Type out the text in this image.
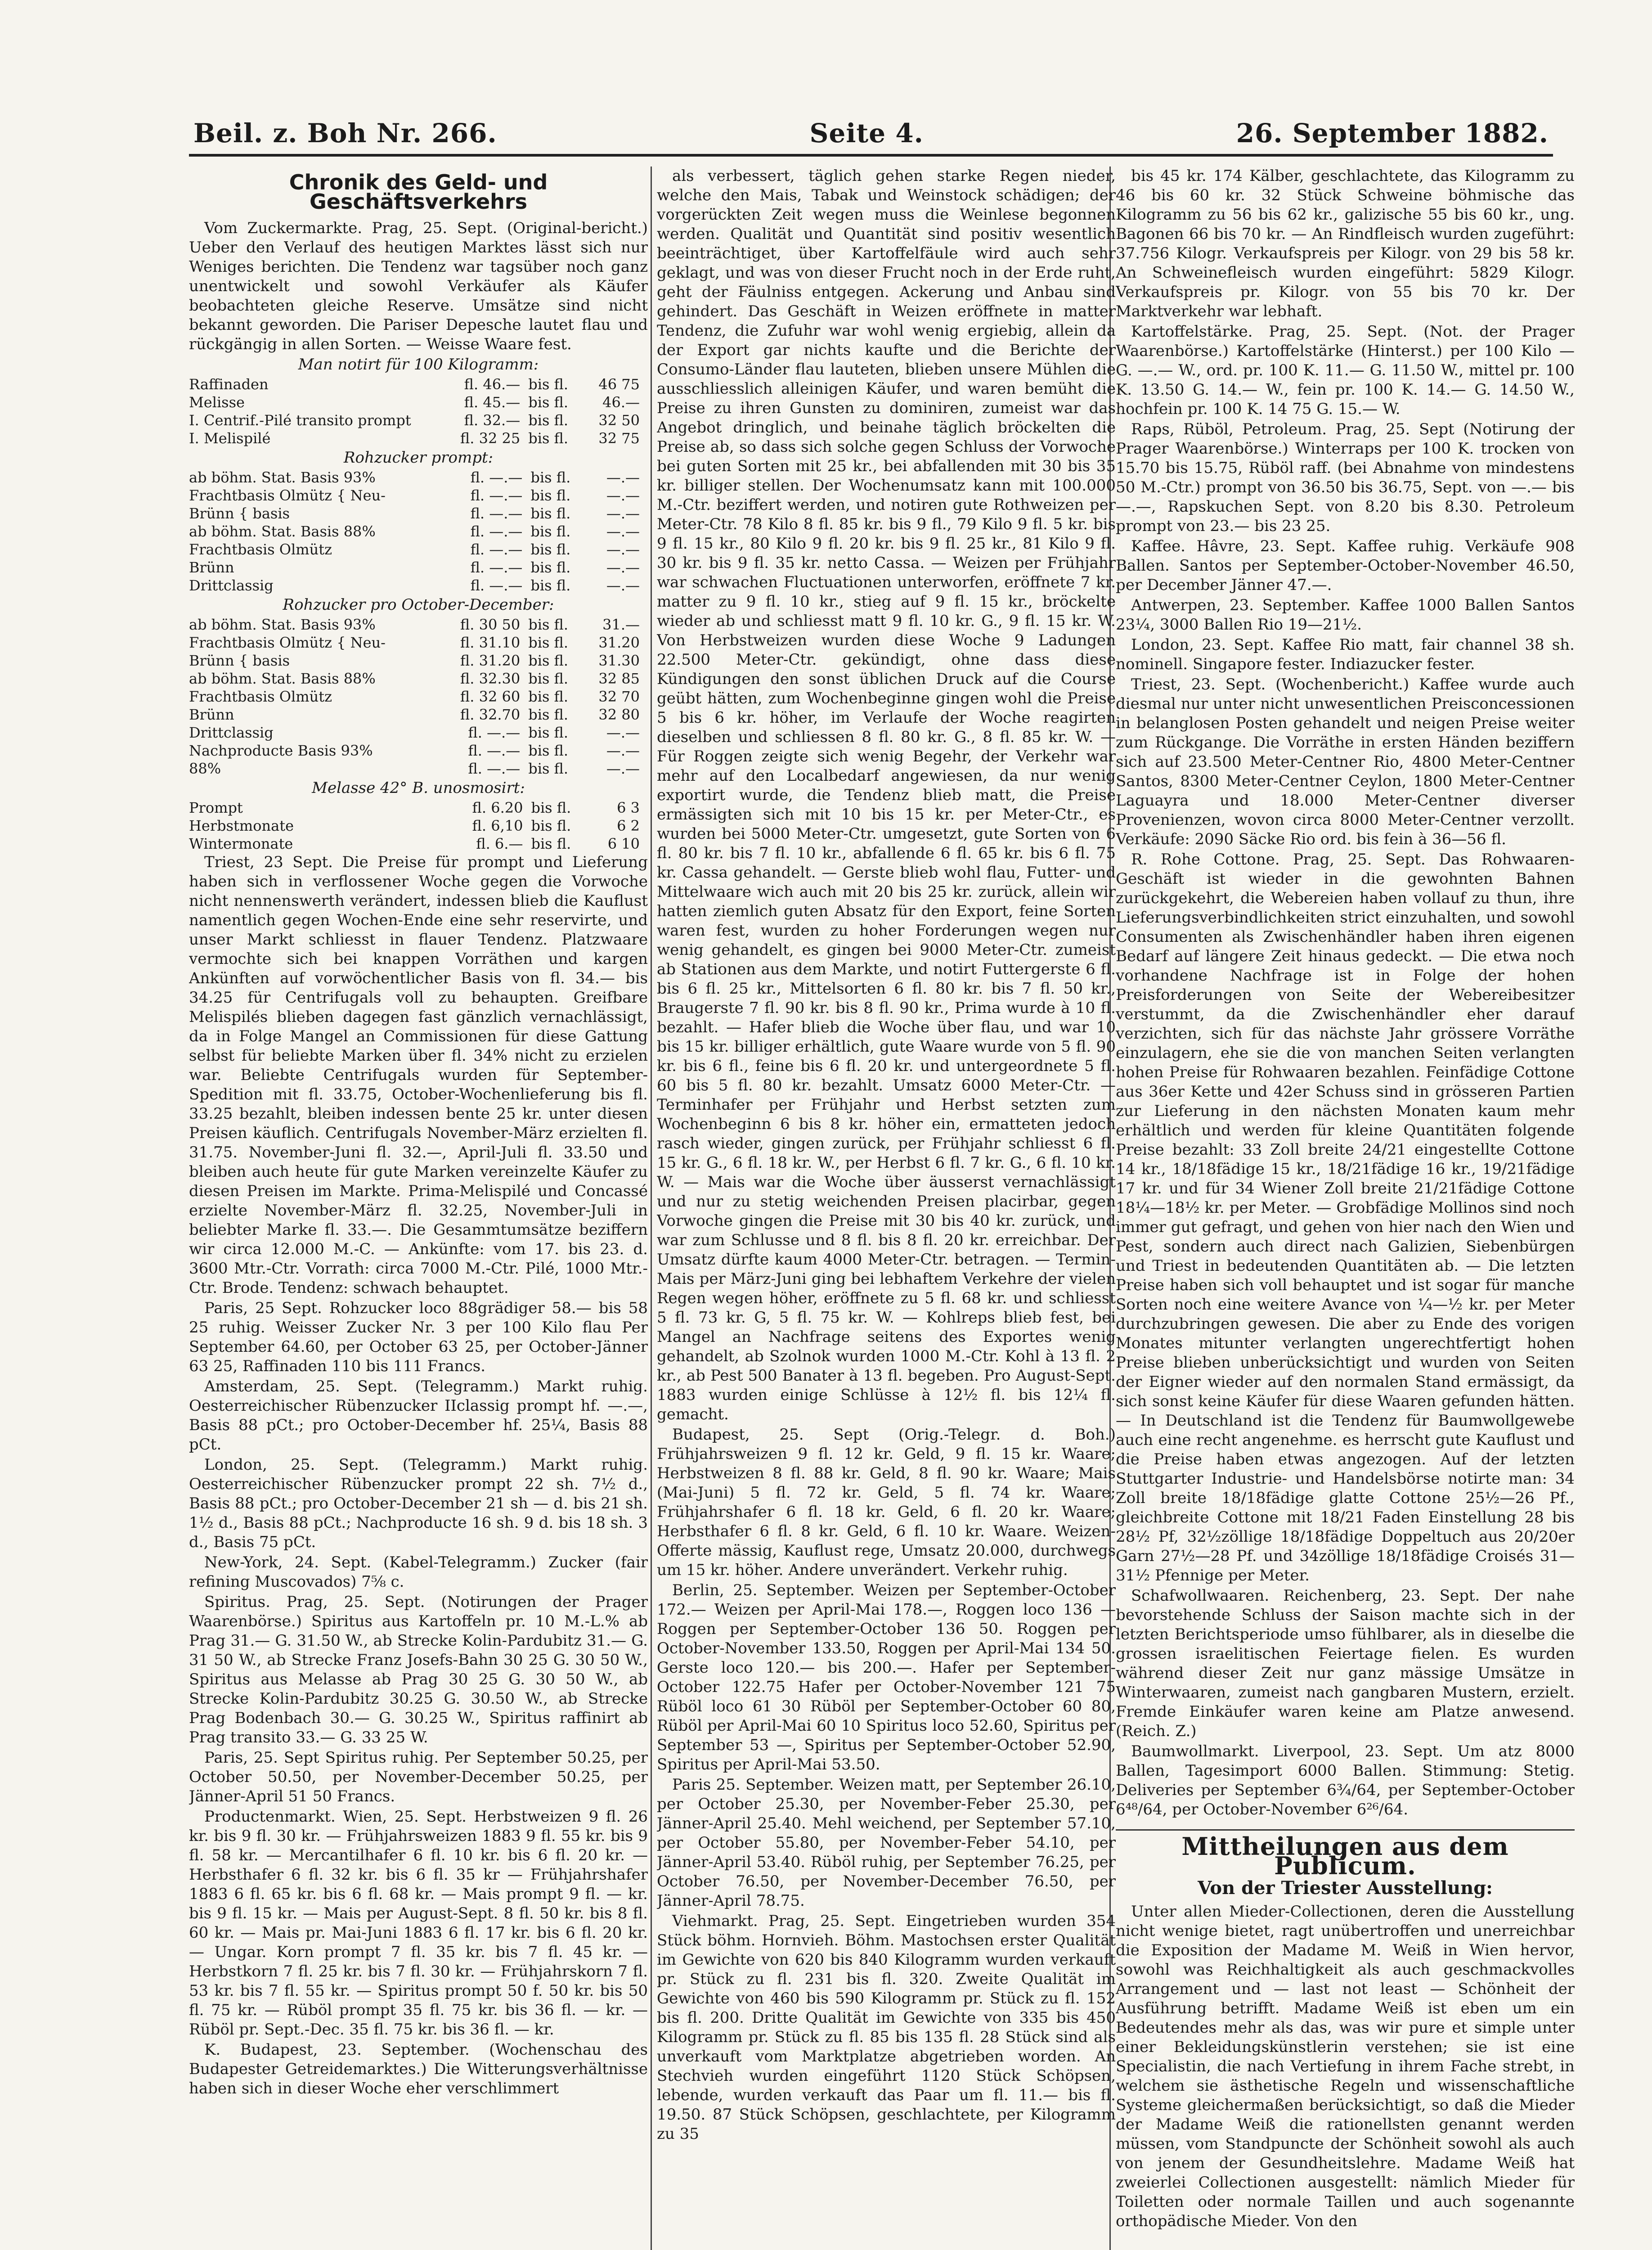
Beil. z. Boh Nr. 266.	Seite 4.	26. September 1882.
Chronik des Geld- und Geschäftsverkehrs

Vom Zuckermarkte. Prag, 25. Sept. (Original-bericht.) Ueber den Verlauf des heutigen Marktes lässt sich nur Weniges berichten. Die Tendenz war tagsüber noch ganz unentwickelt und sowohl Verkäufer als Käufer beobachteten gleiche Reserve. Umsätze sind nicht bekannt geworden. Die Pariser Depesche lautet flau und rückgängig in allen Sorten. — Weisse Waare fest.

Man notirt für 100 Kilogramm:
Raffinaden	fl. 46.—	bis fl.	46 75
Melisse	fl. 45.—	bis fl.	46.—
I. Centrif.-Pilé transito prompt	fl. 32.—	bis fl.	32 50
I. Melispilé	fl. 32 25	bis fl.	32 75
Rohzucker prompt:
ab böhm. Stat. Basis 93%	fl. —.—	bis fl.	—.—
Frachtbasis Olmütz { Neu-	fl. —.—	bis fl.	—.—
Brünn { basis	fl. —.—	bis fl.	—.—
ab böhm. Stat. Basis 88%	fl. —.—	bis fl.	—.—
Frachtbasis Olmütz	fl. —.—	bis fl.	—.—
Brünn	fl. —.—	bis fl.	—.—
Drittclassig	fl. —.—	bis fl.	—.—
Rohzucker pro October-December:
ab böhm. Stat. Basis 93%	fl. 30 50	bis fl.	31.—
Frachtbasis Olmütz { Neu-	fl. 31.10	bis fl.	31.20
Brünn { basis	fl. 31.20	bis fl.	31.30
ab böhm. Stat. Basis 88%	fl. 32.30	bis fl.	32 85
Frachtbasis Olmütz	fl. 32 60	bis fl.	32 70
Brünn	fl. 32.70	bis fl.	32 80
Drittclassig	fl. —.—	bis fl.	—.—
Nachproducte Basis 93%	fl. —.—	bis fl.	—.—
88%	fl. —.—	bis fl.	—.—
Melasse 42° B. unosmosirt:
Prompt	fl. 6.20	bis fl.	6 3
Herbstmonate	fl. 6,10	bis fl.	6 2
Wintermonate	fl. 6.—	bis fl.	6 10

Triest, 23 Sept. Die Preise für prompt und Lieferung haben sich in verflossener Woche gegen die Vorwoche nicht nennenswerth verändert, indessen blieb die Kauflust namentlich gegen Wochen-Ende eine sehr reservirte, und unser Markt schliesst in flauer Tendenz. Platzwaare vermochte sich bei knappen Vorräthen und kargen Ankünften auf vorwöchentlicher Basis von fl. 34.— bis 34.25 für Centrifugals voll zu behaupten. Greifbare Melispilés blieben dagegen fast gänzlich vernachlässigt, da in Folge Mangel an Commissionen für diese Gattung selbst für beliebte Marken über fl. 34% nicht zu erzielen war. Beliebte Centrifugals wurden für September-Spedition mit fl. 33.75, October-Wochenlieferung bis fl. 33.25 bezahlt, bleiben indessen bente 25 kr. unter diesen Preisen käuflich. Centrifugals November-März erzielten fl. 31.75. November-Juni fl. 32.—, April-Juli fl. 33.50 und bleiben auch heute für gute Marken vereinzelte Käufer zu diesen Preisen im Markte. Prima-Melispilé und Concassé erzielte November-März fl. 32.25, November-Juli in beliebter Marke fl. 33.—. Die Gesammtumsätze beziffern wir circa 12.000 M.-C. — Ankünfte: vom 17. bis 23. d. 3600 Mtr.-Ctr. Vorrath: circa 7000 M.-Ctr. Pilé, 1000 Mtr.-Ctr. Brode. Tendenz: schwach behauptet.

Paris, 25 Sept. Rohzucker loco 88grädiger 58.— bis 58 25 ruhig. Weisser Zucker Nr. 3 per 100 Kilo flau Per September 64.60, per October 63 25, per October-Jänner 63 25, Raffinaden 110 bis 111 Francs.

Amsterdam, 25. Sept. (Telegramm.) Markt ruhig. Oesterreichischer Rübenzucker IIclassig prompt hf. —.—, Basis 88 pCt.; pro October-December hf. 25¼, Basis 88 pCt.

London, 25. Sept. (Telegramm.) Markt ruhig. Oesterreichischer Rübenzucker prompt 22 sh. 7½ d., Basis 88 pCt.; pro October-December 21 sh — d. bis 21 sh. 1½ d., Basis 88 pCt.; Nachproducte 16 sh. 9 d. bis 18 sh. 3 d., Basis 75 pCt.

New-York, 24. Sept. (Kabel-Telegramm.) Zucker (fair refining Muscovados) 7⅝ c.

Spiritus. Prag, 25. Sept. (Notirungen der Prager Waarenbörse.) Spiritus aus Kartoffeln pr. 10 M.-L.% ab Prag 31.— G. 31.50 W., ab Strecke Kolin-Pardubitz 31.— G. 31 50 W., ab Strecke Franz Josefs-Bahn 30 25 G. 30 50 W., Spiritus aus Melasse ab Prag 30 25 G. 30 50 W., ab Strecke Kolin-Pardubitz 30.25 G. 30.50 W., ab Strecke Prag Bodenbach 30.— G. 30.25 W., Spiritus raffinirt ab Prag transito 33.— G. 33 25 W.

Paris, 25. Sept Spiritus ruhig. Per September 50.25, per October 50.50, per November-December 50.25, per Jänner-April 51 50 Francs.

Productenmarkt. Wien, 25. Sept. Herbstweizen 9 fl. 26 kr. bis 9 fl. 30 kr. — Frühjahrsweizen 1883 9 fl. 55 kr. bis 9 fl. 58 kr. — Mercantilhafer 6 fl. 10 kr. bis 6 fl. 20 kr. — Herbsthafer 6 fl. 32 kr. bis 6 fl. 35 kr — Frühjahrshafer 1883 6 fl. 65 kr. bis 6 fl. 68 kr. — Mais prompt 9 fl. — kr. bis 9 fl. 15 kr. — Mais per August-Sept. 8 fl. 50 kr. bis 8 fl. 60 kr. — Mais pr. Mai-Juni 1883 6 fl. 17 kr. bis 6 fl. 20 kr. — Ungar. Korn prompt 7 fl. 35 kr. bis 7 fl. 45 kr. — Herbstkorn 7 fl. 25 kr. bis 7 fl. 30 kr. — Frühjahrskorn 7 fl. 53 kr. bis 7 fl. 55 kr. — Spiritus prompt 50 f. 50 kr. bis 50 fl. 75 kr. — Rüböl prompt 35 fl. 75 kr. bis 36 fl. — kr. — Rüböl pr. Sept.-Dec. 35 fl. 75 kr. bis 36 fl. — kr.

K. Budapest, 23. September. (Wochenschau des Budapester Getreidemarktes.) Die Witterungsverhältnisse haben sich in dieser Woche eher verschlimmert

als verbessert, täglich gehen starke Regen nieder, welche den Mais, Tabak und Weinstock schädigen; der vorgerückten Zeit wegen muss die Weinlese begonnen werden. Qualität und Quantität sind positiv wesentlich beeinträchtiget, über Kartoffelfäule wird auch sehr geklagt, und was von dieser Frucht noch in der Erde ruht, geht der Fäulniss entgegen. Ackerung und Anbau sind gehindert. Das Geschäft in Weizen eröffnete in matter Tendenz, die Zufuhr war wohl wenig ergiebig, allein da der Export gar nichts kaufte und die Berichte der Consumo-Länder flau lauteten, blieben unsere Mühlen die ausschliesslich alleinigen Käufer, und waren bemüht die Preise zu ihren Gunsten zu dominiren, zumeist war das Angebot dringlich, und beinahe täglich bröckelten die Preise ab, so dass sich solche gegen Schluss der Vorwoche bei guten Sorten mit 25 kr., bei abfallenden mit 30 bis 35 kr. billiger stellen. Der Wochenumsatz kann mit 100.000 M.-Ctr. beziffert werden, und notiren gute Rothweizen per Meter-Ctr. 78 Kilo 8 fl. 85 kr. bis 9 fl., 79 Kilo 9 fl. 5 kr. bis 9 fl. 15 kr., 80 Kilo 9 fl. 20 kr. bis 9 fl. 25 kr., 81 Kilo 9 fl. 30 kr. bis 9 fl. 35 kr. netto Cassa. — Weizen per Frühjahr war schwachen Fluctuationen unterworfen, eröffnete 7 kr. matter zu 9 fl. 10 kr., stieg auf 9 fl. 15 kr., bröckelte wieder ab und schliesst matt 9 fl. 10 kr. G., 9 fl. 15 kr. W. Von Herbstweizen wurden diese Woche 9 Ladungen 22.500 Meter-Ctr. gekündigt, ohne dass diese Kündigungen den sonst üblichen Druck auf die Course geübt hätten, zum Wochenbeginne gingen wohl die Preise 5 bis 6 kr. höher, im Verlaufe der Woche reagirten dieselben und schliessen 8 fl. 80 kr. G., 8 fl. 85 kr. W. — Für Roggen zeigte sich wenig Begehr, der Verkehr war mehr auf den Localbedarf angewiesen, da nur wenig exportirt wurde, die Tendenz blieb matt, die Preise ermässigten sich mit 10 bis 15 kr. per Meter-Ctr., es wurden bei 5000 Meter-Ctr. umgesetzt, gute Sorten von 6 fl. 80 kr. bis 7 fl. 10 kr., abfallende 6 fl. 65 kr. bis 6 fl. 75 kr. Cassa gehandelt. — Gerste blieb wohl flau, Futter- und Mittelwaare wich auch mit 20 bis 25 kr. zurück, allein wir hatten ziemlich guten Absatz für den Export, feine Sorten waren fest, wurden zu hoher Forderungen wegen nur wenig gehandelt, es gingen bei 9000 Meter-Ctr. zumeist ab Stationen aus dem Markte, und notirt Futtergerste 6 fl. bis 6 fl. 25 kr., Mittelsorten 6 fl. 80 kr. bis 7 fl. 50 kr., Braugerste 7 fl. 90 kr. bis 8 fl. 90 kr., Prima wurde à 10 fl. bezahlt. — Hafer blieb die Woche über flau, und war 10 bis 15 kr. billiger erhältlich, gute Waare wurde von 5 fl. 90 kr. bis 6 fl., feine bis 6 fl. 20 kr. und untergeordnete 5 fl. 60 bis 5 fl. 80 kr. bezahlt. Umsatz 6000 Meter-Ctr. — Terminhafer per Frühjahr und Herbst setzten zum Wochenbeginn 6 bis 8 kr. höher ein, ermatteten jedoch rasch wieder, gingen zurück, per Frühjahr schliesst 6 fl. 15 kr. G., 6 fl. 18 kr. W., per Herbst 6 fl. 7 kr. G., 6 fl. 10 kr. W. — Mais war die Woche über äusserst vernachlässigt und nur zu stetig weichenden Preisen placirbar, gegen Vorwoche gingen die Preise mit 30 bis 40 kr. zurück, und war zum Schlusse und 8 fl. bis 8 fl. 20 kr. erreichbar. Der Umsatz dürfte kaum 4000 Meter-Ctr. betragen. — Termin-Mais per März-Juni ging bei lebhaftem Verkehre der vielen Regen wegen höher, eröffnete zu 5 fl. 68 kr. und schliesst 5 fl. 73 kr. G, 5 fl. 75 kr. W. — Kohlreps blieb fest, bei Mangel an Nachfrage seitens des Exportes wenig gehandelt, ab Szolnok wurden 1000 M.-Ctr. Kohl à 13 fl. 2 kr., ab Pest 500 Banater à 13 fl. begeben. Pro August-Sept. 1883 wurden einige Schlüsse à 12½ fl. bis 12¼ fl. gemacht.

Budapest, 25. Sept (Orig.-Telegr. d. Boh.) Frühjahrsweizen 9 fl. 12 kr. Geld, 9 fl. 15 kr. Waare; Herbstweizen 8 fl. 88 kr. Geld, 8 fl. 90 kr. Waare; Mais (Mai-Juni) 5 fl. 72 kr. Geld, 5 fl. 74 kr. Waare; Frühjahrshafer 6 fl. 18 kr. Geld, 6 fl. 20 kr. Waare; Herbsthafer 6 fl. 8 kr. Geld, 6 fl. 10 kr. Waare. Weizen-Offerte mässig, Kauflust rege, Umsatz 20.000, durchwegs um 15 kr. höher. Andere unverändert. Verkehr ruhig.

Berlin, 25. September. Weizen per September-October 172.— Weizen per April-Mai 178.—, Roggen loco 136 — Roggen per September-October 136 50. Roggen per October-November 133.50, Roggen per April-Mai 134 50. Gerste loco 120.— bis 200.—. Hafer per September-October 122.75 Hafer per October-November 121 75 Rüböl loco 61 30 Rüböl per September-October 60 80, Rüböl per April-Mai 60 10 Spiritus loco 52.60, Spiritus per September 53 —, Spiritus per September-October 52.90, Spiritus per April-Mai 53.50.

Paris 25. September. Weizen matt, per September 26.10, per October 25.30, per November-Feber 25.30, per Jänner-April 25.40. Mehl weichend, per September 57.10, per October 55.80, per November-Feber 54.10, per Jänner-April 53.40. Rüböl ruhig, per September 76.25, per October 76.50, per November-December 76.50, per Jänner-April 78.75.

Viehmarkt. Prag, 25. Sept. Eingetrieben wurden 354 Stück böhm. Hornvieh. Böhm. Mastochsen erster Qualität im Gewichte von 620 bis 840 Kilogramm wurden verkauft pr. Stück zu fl. 231 bis fl. 320. Zweite Qualität im Gewichte von 460 bis 590 Kilogramm pr. Stück zu fl. 152 bis fl. 200. Dritte Qualität im Gewichte von 335 bis 450 Kilogramm pr. Stück zu fl. 85 bis 135 fl. 28 Stück sind als unverkauft vom Marktplatze abgetrieben worden. An Stechvieh wurden eingeführt 1120 Stück Schöpsen, lebende, wurden verkauft das Paar um fl. 11.— bis fl. 19.50. 87 Stück Schöpsen, geschlachtete, per Kilogramm zu 35

bis 45 kr. 174 Kälber, geschlachtete, das Kilogramm zu 46 bis 60 kr. 32 Stück Schweine böhmische das Kilogramm zu 56 bis 62 kr., galizische 55 bis 60 kr., ung. Bagonen 66 bis 70 kr. — An Rindfleisch wurden zugeführt: 37.756 Kilogr. Verkaufspreis per Kilogr. von 29 bis 58 kr. An Schweinefleisch wurden eingeführt: 5829 Kilogr. Verkaufspreis pr. Kilogr. von 55 bis 70 kr. Der Marktverkehr war lebhaft.

Kartoffelstärke. Prag, 25. Sept. (Not. der Prager Waarenbörse.) Kartoffelstärke (Hinterst.) per 100 Kilo — G. —.— W., ord. pr. 100 K. 11.— G. 11.50 W., mittel pr. 100 K. 13.50 G. 14.— W., fein pr. 100 K. 14.— G. 14.50 W., hochfein pr. 100 K. 14 75 G. 15.— W.

Raps, Rüböl, Petroleum. Prag, 25. Sept (Notirung der Prager Waarenbörse.) Winterraps per 100 K. trocken von 15.70 bis 15.75, Rüböl raff. (bei Abnahme von mindestens 50 M.-Ctr.) prompt von 36.50 bis 36.75, Sept. von —.— bis —.—, Rapskuchen Sept. von 8.20 bis 8.30. Petroleum prompt von 23.— bis 23 25.

Kaffee. Hâvre, 23. Sept. Kaffee ruhig. Verkäufe 908 Ballen. Santos per September-October-November 46.50, per December Jänner 47.—.

Antwerpen, 23. September. Kaffee 1000 Ballen Santos 23¼, 3000 Ballen Rio 19—21½.

London, 23. Sept. Kaffee Rio matt, fair channel 38 sh. nominell. Singapore fester. Indiazucker fester.

Triest, 23. Sept. (Wochenbericht.) Kaffee wurde auch diesmal nur unter nicht unwesentlichen Preisconcessionen in belanglosen Posten gehandelt und neigen Preise weiter zum Rückgange. Die Vorräthe in ersten Händen beziffern sich auf 23.500 Meter-Centner Rio, 4800 Meter-Centner Santos, 8300 Meter-Centner Ceylon, 1800 Meter-Centner Laguayra und 18.000 Meter-Centner diverser Provenienzen, wovon circa 8000 Meter-Centner verzollt. Verkäufe: 2090 Säcke Rio ord. bis fein à 36—56 fl.

R. Rohe Cottone. Prag, 25. Sept. Das Rohwaaren-Geschäft ist wieder in die gewohnten Bahnen zurückgekehrt, die Webereien haben vollauf zu thun, ihre Lieferungsverbindlichkeiten strict einzuhalten, und sowohl Consumenten als Zwischenhändler haben ihren eigenen Bedarf auf längere Zeit hinaus gedeckt. — Die etwa noch vorhandene Nachfrage ist in Folge der hohen Preisforderungen von Seite der Webereibesitzer verstummt, da die Zwischenhändler eher darauf verzichten, sich für das nächste Jahr grössere Vorräthe einzulagern, ehe sie die von manchen Seiten verlangten hohen Preise für Rohwaaren bezahlen. Feinfädige Cottone aus 36er Kette und 42er Schuss sind in grösseren Partien zur Lieferung in den nächsten Monaten kaum mehr erhältlich und werden für kleine Quantitäten folgende Preise bezahlt: 33 Zoll breite 24/21 eingestellte Cottone 14 kr., 18/18fädige 15 kr., 18/21fädige 16 kr., 19/21fädige 17 kr. und für 34 Wiener Zoll breite 21/21fädige Cottone 18¼—18½ kr. per Meter. — Grobfädige Mollinos sind noch immer gut gefragt, und gehen von hier nach den Wien und Pest, sondern auch direct nach Galizien, Siebenbürgen und Triest in bedeutenden Quantitäten ab. — Die letzten Preise haben sich voll behauptet und ist sogar für manche Sorten noch eine weitere Avance von ¼—½ kr. per Meter durchzubringen gewesen. Die aber zu Ende des vorigen Monates mitunter verlangten ungerechtfertigt hohen Preise blieben unberücksichtigt und wurden von Seiten der Eigner wieder auf den normalen Stand ermässigt, da sich sonst keine Käufer für diese Waaren gefunden hätten. — In Deutschland ist die Tendenz für Baumwollgewebe auch eine recht angenehme. es herrscht gute Kauflust und die Preise haben etwas angezogen. Auf der letzten Stuttgarter Industrie- und Handelsbörse notirte man: 34 Zoll breite 18/18fädige glatte Cottone 25½—26 Pf., gleichbreite Cottone mit 18/21 Faden Einstellung 28 bis 28½ Pf, 32½zöllige 18/18fädige Doppeltuch aus 20/20er Garn 27½—28 Pf. und 34zöllige 18/18fädige Croisés 31—31½ Pfennige per Meter.

Schafwollwaaren. Reichenberg, 23. Sept. Der nahe bevorstehende Schluss der Saison machte sich in der letzten Berichtsperiode umso fühlbarer, als in dieselbe die grossen israelitischen Feiertage fielen. Es wurden während dieser Zeit nur ganz mässige Umsätze in Winterwaaren, zumeist nach gangbaren Mustern, erzielt. Fremde Einkäufer waren keine am Platze anwesend. (Reich. Z.)

Baumwollmarkt. Liverpool, 23. Sept. Um atz 8000 Ballen, Tagesimport 6000 Ballen. Stimmung: Stetig. Deliveries per September 6¾/64, per September-October 6⁴⁸/64, per October-November 6²⁶/64.

Mittheilungen aus dem Publicum.
Von der Triester Ausstellung:

Unter allen Mieder-Collectionen, deren die Ausstellung nicht wenige bietet, ragt unübertroffen und unerreichbar die Exposition der Madame M. Weiß in Wien hervor, sowohl was Reichhaltigkeit als auch geschmackvolles Arrangement und — last not least — Schönheit der Ausführung betrifft. Madame Weiß ist eben um ein Bedeutendes mehr als das, was wir pure et simple unter einer Bekleidungskünstlerin verstehen; sie ist eine Specialistin, die nach Vertiefung in ihrem Fache strebt, in welchem sie ästhetische Regeln und wissenschaftliche Systeme gleichermaßen berücksichtigt, so daß die Mieder der Madame Weiß die rationellsten genannt werden müssen, vom Standpuncte der Schönheit sowohl als auch von jenem der Gesundheitslehre. Madame Weiß hat zweierlei Collectionen ausgestellt: nämlich Mieder für Toiletten oder normale Taillen und auch sogenannte orthopädische Mieder. Von den
